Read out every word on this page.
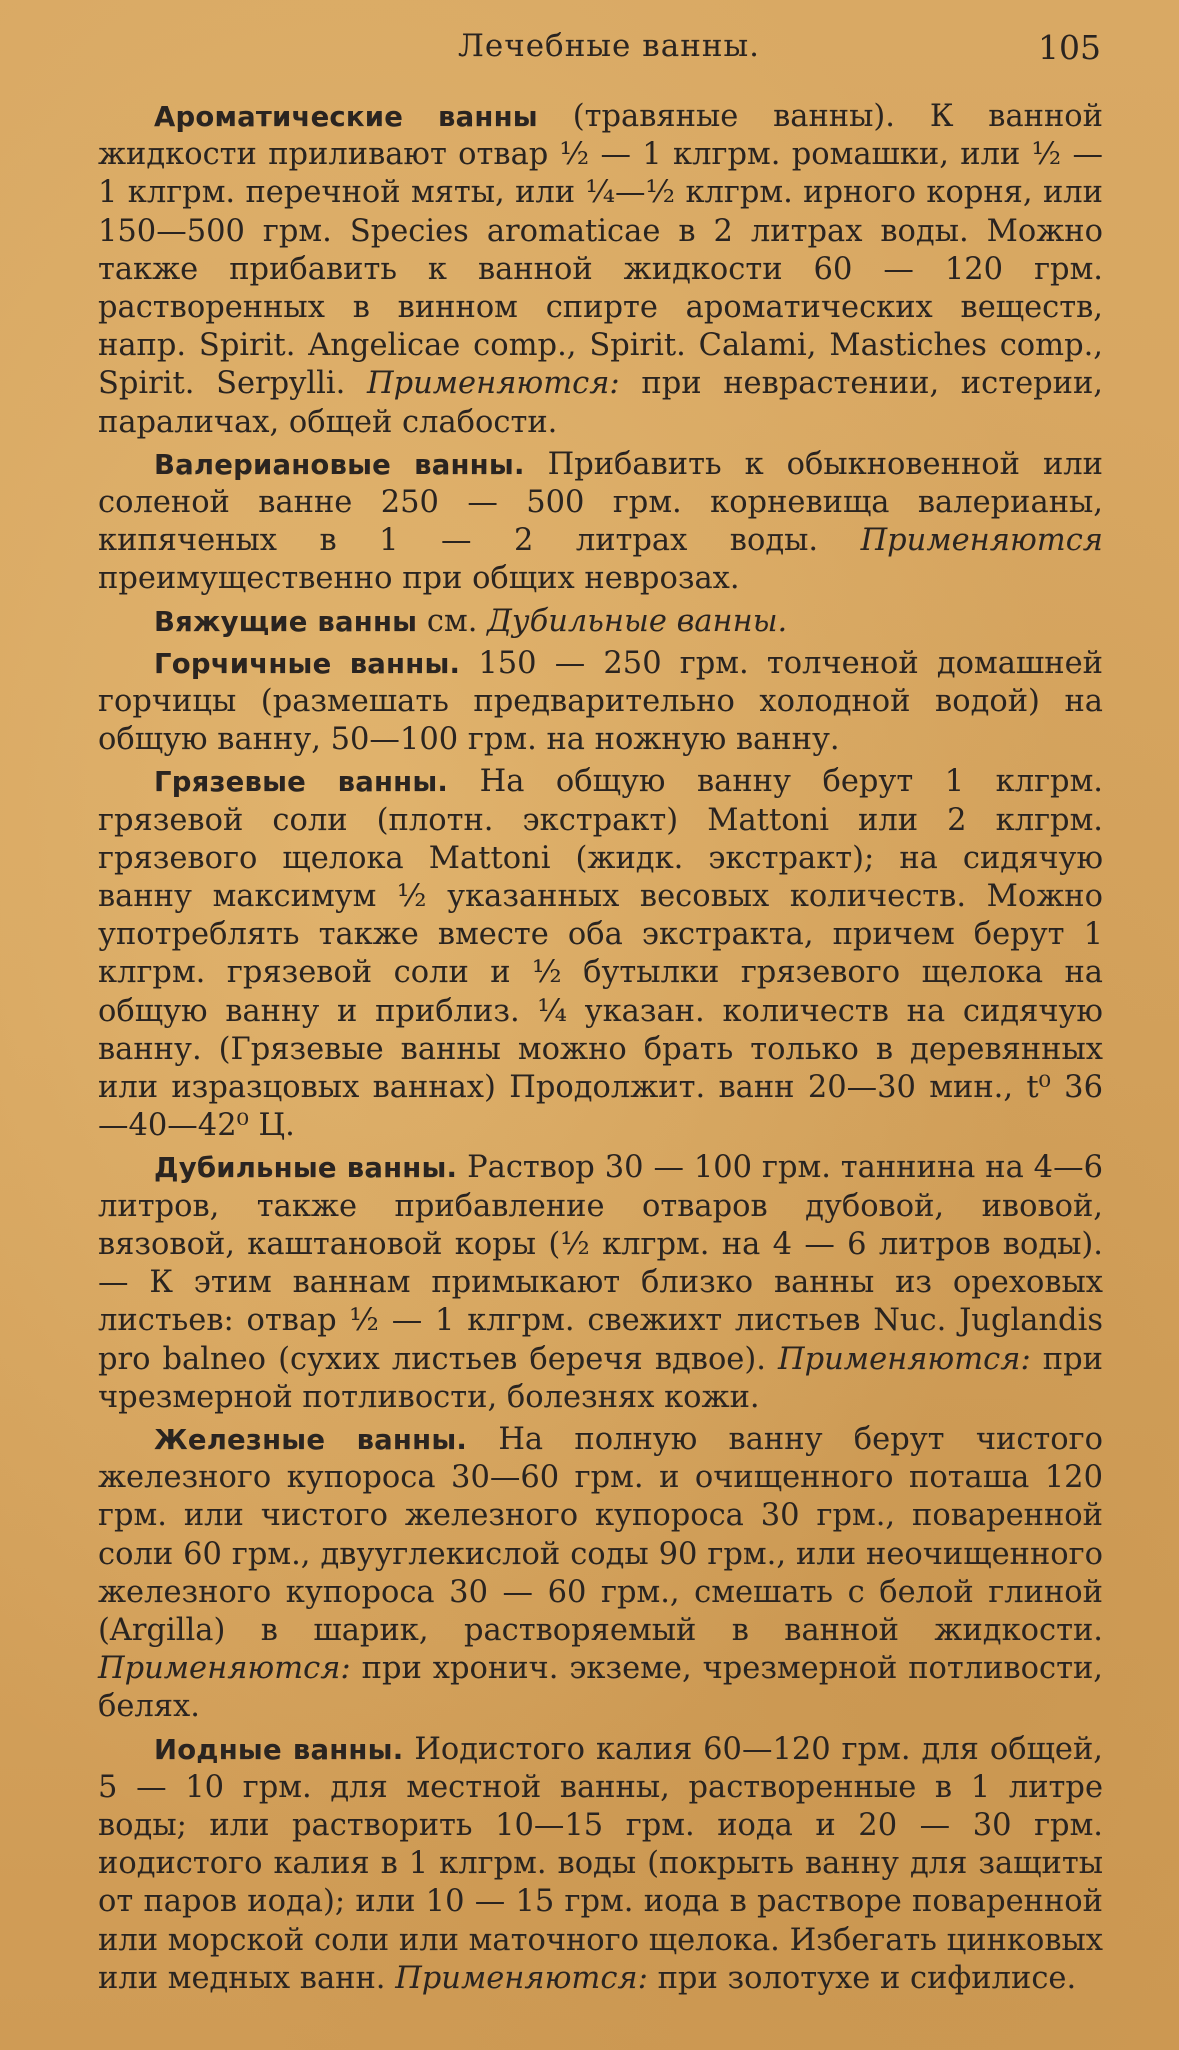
Лечебные ванны.	105

Ароматические ванны (травяные ванны). К ванной жидкости приливают отвар ½ — 1 клгрм. ромашки, или ½ — 1 клгрм. перечной мяты, или ¼—½ клгрм. ирного корня, или 150—500 грм. Species aromaticae в 2 литрах воды. Можно также прибавить к ванной жидкости 60 — 120 грм. растворенных в винном спирте ароматических веществ, напр. Spirit. Angelicae comp., Spirit. Calami, Mastiches comp., Spirit. Serpylli. Применяются: при неврастении, истерии, параличах, общей слабости.

Валериановые ванны. Прибавить к обыкновенной или соленой ванне 250 — 500 грм. корневища валерианы, кипяченых в 1 — 2 литрах воды. Применяются преимущественно при общих неврозах.

Вяжущие ванны см. Дубильные ванны.

Горчичные ванны. 150 — 250 грм. толченой домашней горчицы (размешать предварительно холодной водой) на общую ванну, 50—100 грм. на ножную ванну.

Грязевые ванны. На общую ванну берут 1 клгрм. грязевой соли (плотн. экстракт) Mattoni или 2 клгрм. грязевого щелока Mattoni (жидк. экстракт); на сидячую ванну максимум ½ указанных весовых количеств. Можно употреблять также вместе оба экстракта, причем берут 1 клгрм. грязевой соли и ½ бутылки грязевого щелока на общую ванну и приблиз. ¼ указан. количеств на сидячую ванну. (Грязевые ванны можно брать только в деревянных или изразцовых ваннах) Продолжит. ванн 20—30 мин., t⁰ 36—40—42⁰ Ц.

Дубильные ванны. Раствор 30 — 100 грм. таннина на 4—6 литров, также прибавление отваров дубовой, ивовой, вязовой, каштановой коры (½ клгрм. на 4 — 6 литров воды). — К этим ваннам примыкают близко ванны из ореховых листьев: отвар ½ — 1 клгрм. свежихт листьев Nuc. Juglandis pro balneo (сухих листьев беречя вдвое). Применяются: при чрезмерной потливости, болезнях кожи.

Железные ванны. На полную ванну берут чистого железного купороса 30—60 грм. и очищенного поташа 120 грм. или чистого железного купороса 30 грм., поваренной соли 60 грм., двууглекислой соды 90 грм., или неочищенного железного купороса 30 — 60 грм., смешать с белой глиной (Argilla) в шарик, растворяемый в ванной жидкости. Применяются: при хронич. экземе, чрезмерной потливости, белях.

Иодные ванны. Иодистого калия 60—120 грм. для общей, 5 — 10 грм. для местной ванны, растворенные в 1 литре воды; или растворить 10—15 грм. иода и 20 — 30 грм. иодистого калия в 1 клгрм. воды (покрыть ванну для защиты от паров иода); или 10 — 15 грм. иода в растворе поваренной или морской соли или маточного щелока. Избегать цинковых или медных ванн. Применяются: при золотухе и сифилисе.
